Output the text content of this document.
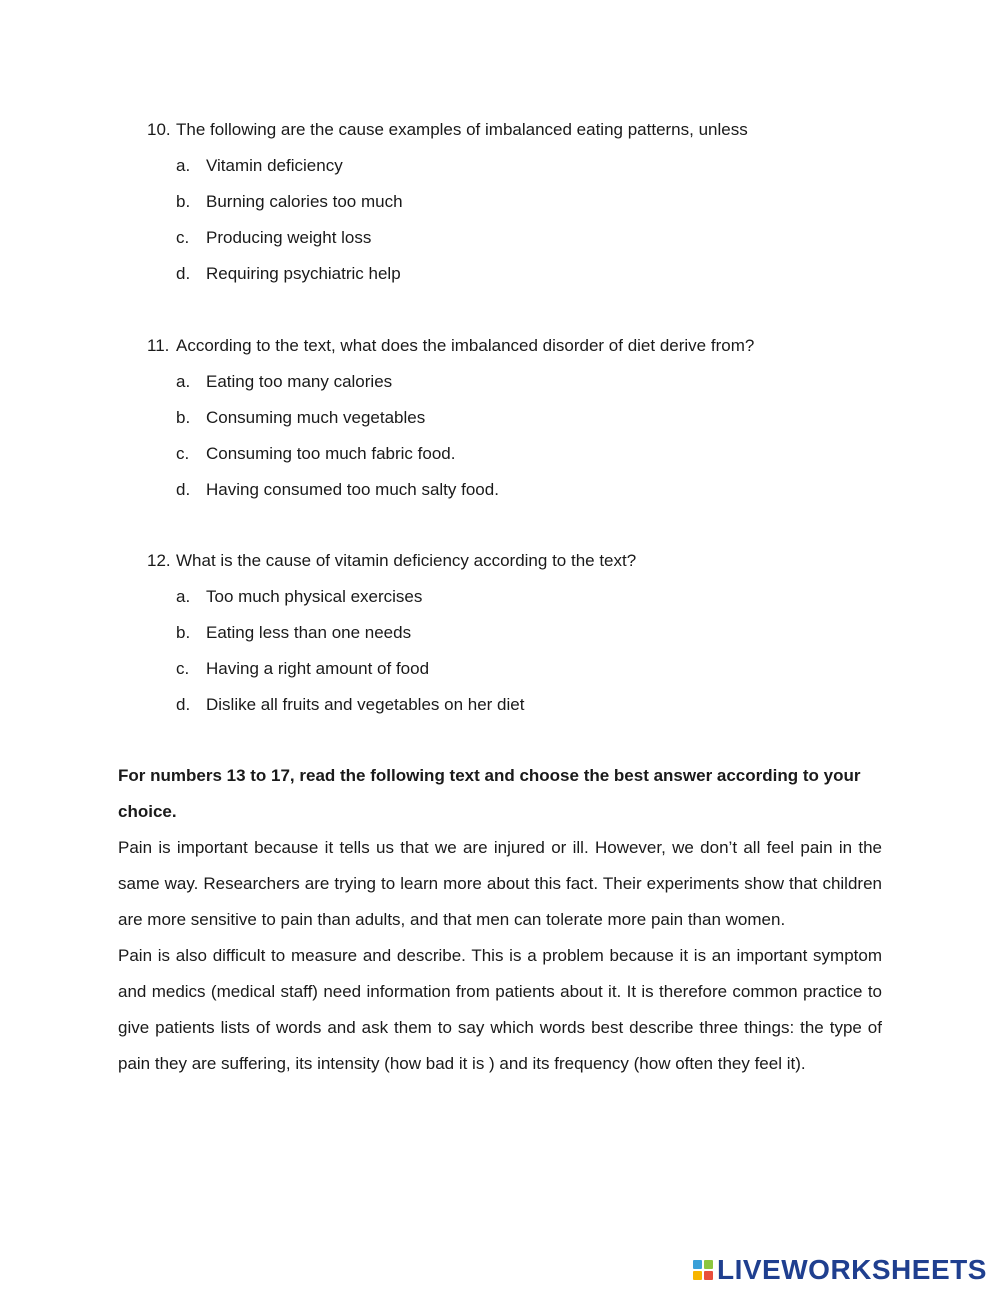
10. The following are the cause examples of imbalanced eating patterns, unless
a. Vitamin deficiency
b. Burning calories too much
c. Producing weight loss
d. Requiring psychiatric help
11. According to the text, what does the imbalanced disorder of diet derive from?
a. Eating too many calories
b. Consuming much vegetables
c. Consuming too much fabric food.
d. Having consumed too much salty food.
12. What is the cause of vitamin deficiency according to the text?
a. Too much physical exercises
b. Eating less than one needs
c. Having a right amount of food
d. Dislike all fruits and vegetables on her diet
For numbers 13 to 17, read the following text and choose the best answer according to your choice.

Pain is important because it tells us that we are injured or ill. However, we don’t all feel pain in the same way. Researchers are trying to learn more about this fact. Their experiments show that children are more sensitive to pain than adults, and that men can tolerate more pain than women.

Pain is also difficult to measure and describe. This is a problem because it is an important symptom and medics (medical staff) need information from patients about it. It is therefore common practice to give patients lists of words and ask them to say which words best describe three things: the type of pain they are suffering, its intensity (how bad it is ) and its frequency (how often they feel it).

LIVEWORKSHEETS
